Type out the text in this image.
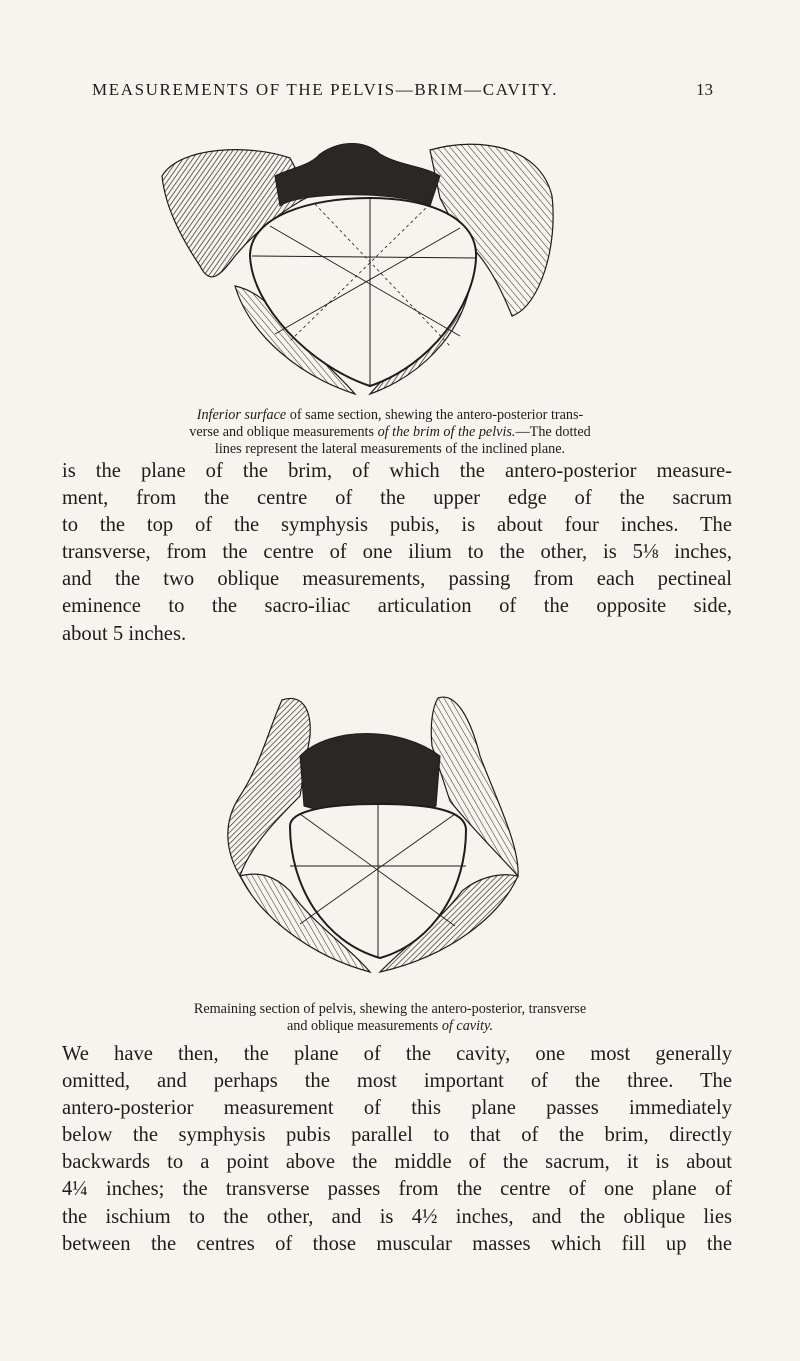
MEASUREMENTS OF THE PELVIS—BRIM—CAVITY.	13
Inferior surface of same section, shewing the antero-posterior trans-
verse and oblique measurements of the brim of the pelvis.—The dotted
lines represent the lateral measurements of the inclined plane.
is the plane of the brim, of which the antero-posterior measure-
ment, from the centre of the upper edge of the sacrum
to the top of the symphysis pubis, is about four inches. The
transverse, from the centre of one ilium to the other, is 5⅛ inches,
and the two oblique measurements, passing from each pectineal
eminence to the sacro-iliac articulation of the opposite side,
about 5 inches.
Remaining section of pelvis, shewing the antero-posterior, transverse
and oblique measurements of cavity.
We have then, the plane of the cavity, one most generally
omitted, and perhaps the most important of the three. The
antero-posterior measurement of this plane passes immediately
below the symphysis pubis parallel to that of the brim, directly
backwards to a point above the middle of the sacrum, it is about
4¼ inches; the transverse passes from the centre of one plane of
the ischium to the other, and is 4½ inches, and the oblique lies
between the centres of those muscular masses which fill up the
